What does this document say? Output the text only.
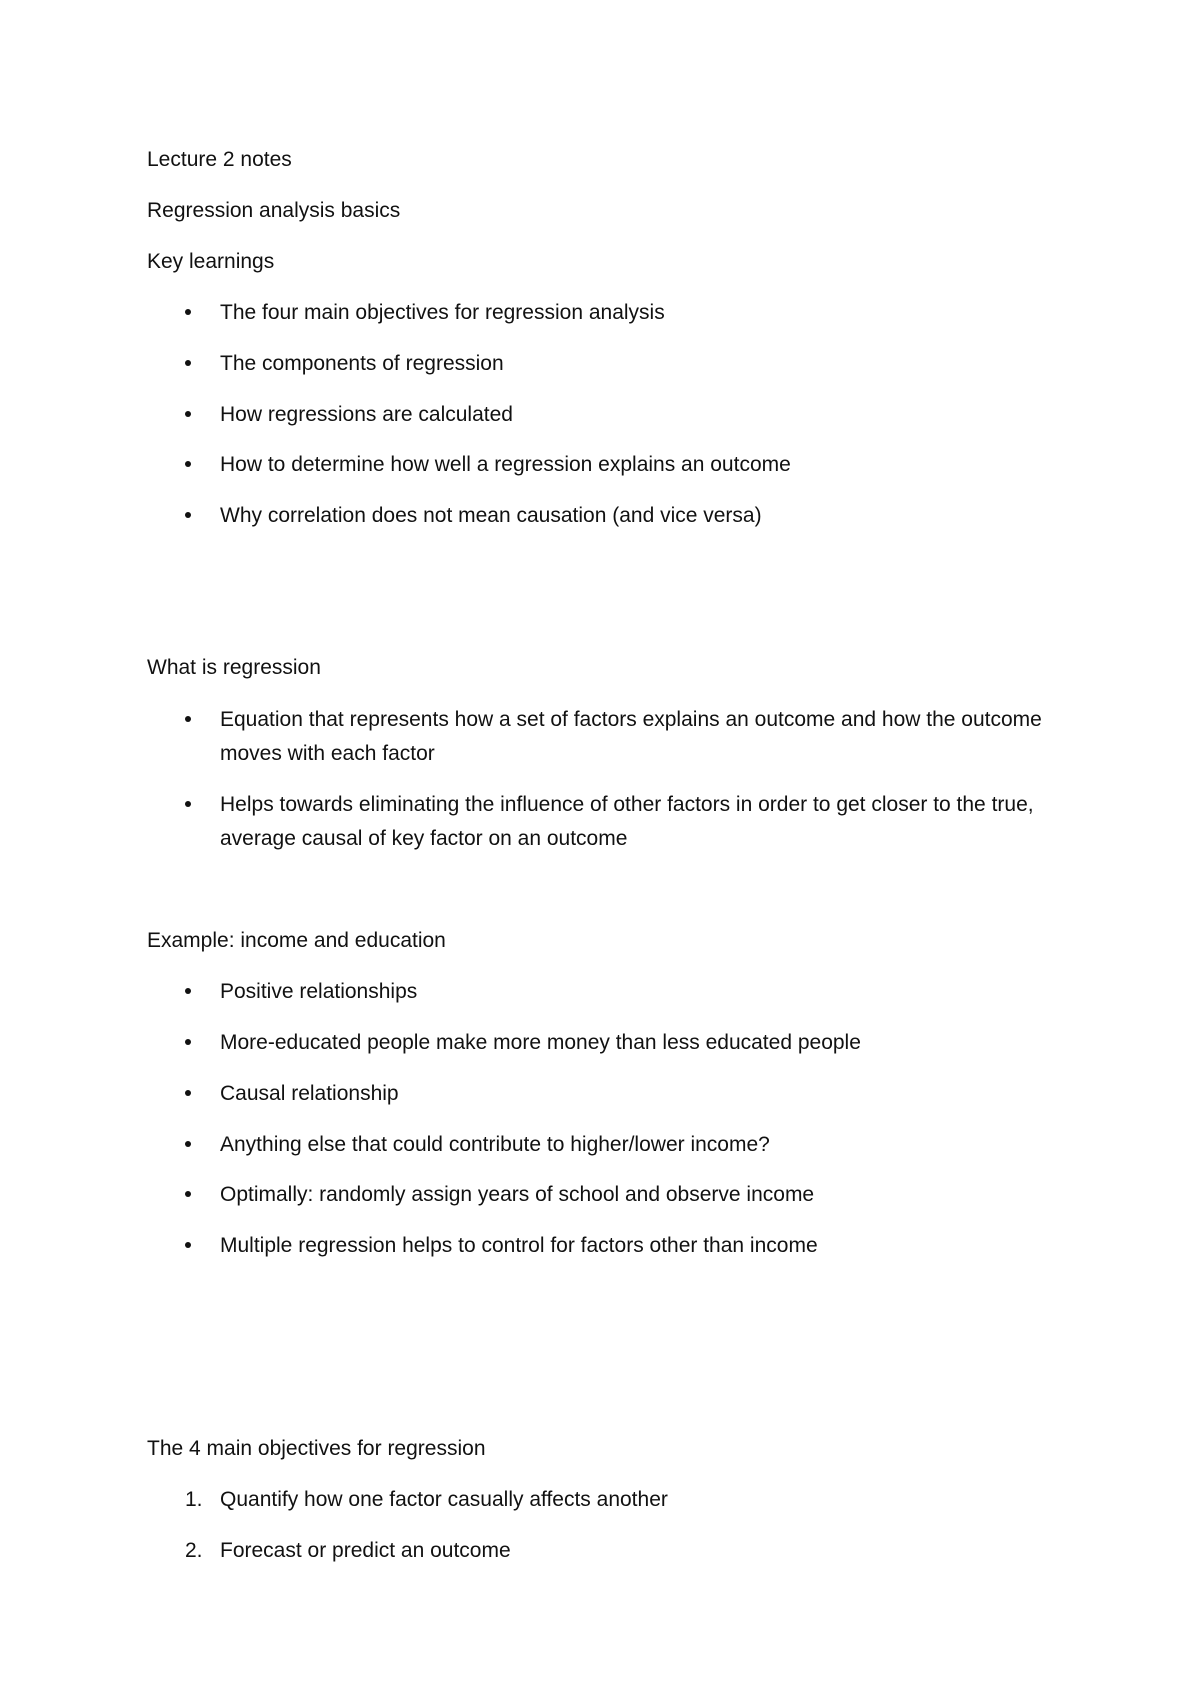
Lecture 2 notes
Regression analysis basics
Key learnings
The four main objectives for regression analysis
The components of regression
How regressions are calculated
How to determine how well a regression explains an outcome
Why correlation does not mean causation (and vice versa)
What is regression
Equation that represents how a set of factors explains an outcome and how the outcome moves with each factor
Helps towards eliminating the influence of other factors in order to get closer to the true, average causal of key factor on an outcome
Example: income and education
Positive relationships
More-educated people make more money than less educated people
Causal relationship
Anything else that could contribute to higher/lower income?
Optimally: randomly assign years of school and observe income
Multiple regression helps to control for factors other than income
The 4 main objectives for regression
1. Quantify how one factor casually affects another
2. Forecast or predict an outcome
